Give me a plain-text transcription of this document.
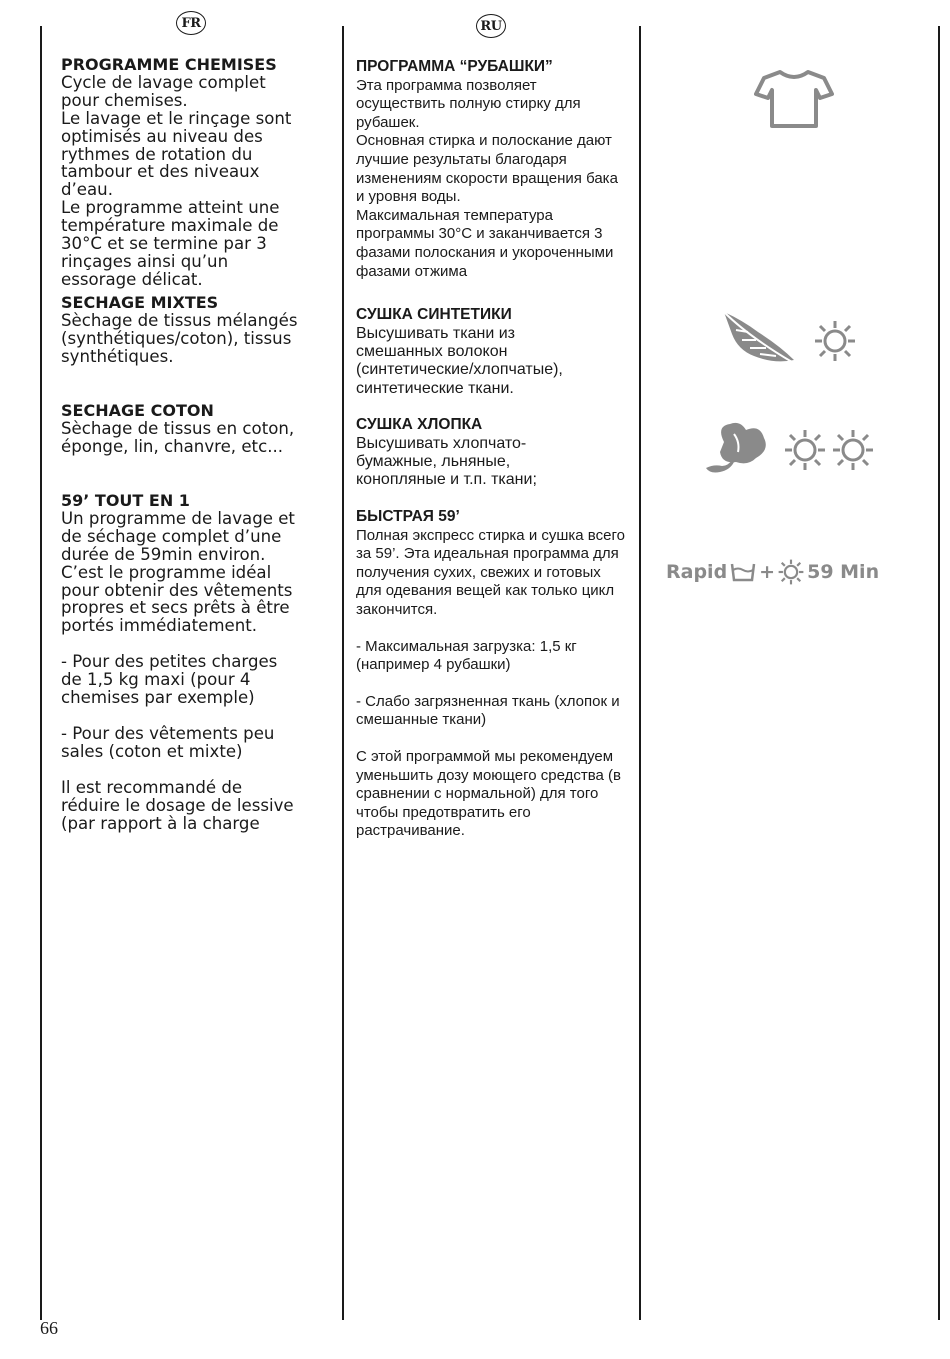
FR	RU
PROGRAMME CHEMISES
Cycle de lavage complet
pour chemises.
Le lavage et le rinçage sont
optimisés au niveau des
rythmes de rotation du
tambour et des niveaux
d’eau.
Le programme atteint une
température maximale de
30°C et se termine par 3
rinçages ainsi qu’un
essorage délicat.
SECHAGE MIXTES
Sèchage de tissus mélangés
(synthétiques/coton), tissus
synthétiques.
SECHAGE COTON
Sèchage de tissus en coton,
éponge, lin, chanvre, etc...
59’ TOUT EN 1
Un programme de lavage et
de séchage complet d’une
durée de 59min environ.
C’est le programme idéal
pour obtenir des vêtements
propres et secs prêts à être
portés immédiatement.
- Pour des petites charges
de 1,5 kg maxi (pour 4
chemises par exemple)
- Pour des vêtements peu
sales (coton et mixte)
Il est recommandé de
réduire le dosage de lessive
(par rapport à la charge
ПРОГРАММА “РУБАШКИ”
Эта программа позволяет
осуществить полную стирку для
рубашек.
Основная стирка и полоскание дают
лучшие результаты благодаря
изменениям скорости вращения бака
и уровня воды.
Максимальная температура
программы 30°C и заканчивается 3
фазами полоскания и укороченными
фазами отжима
СУШКА СИНТЕТИКИ
Высушивать ткани из
смешанных волокон
(синтетические/хлопчатые),
синтетические ткани.
СУШКА ХЛОПКА
Высушивать хлопчато-
бумажные, льняные,
конопляные и т.п. ткани;
БЫСТРАЯ 59’
Полная экспресс стирка и сушка всего
за 59’. Эта идеальная программа для
получения сухих, свежих и готовых
для одевания вещей как только цикл
закончится.
- Максимальная загрузка: 1,5 кг
(например 4 рубашки)
- Слабо загрязненная ткань (хлопок и
смешанные ткани)
С этой программой мы рекомендуем
уменьшить дозу моющего средства (в
сравнении с нормальной) для того
чтобы предотвратить его
растрачивание.
Rapid + 59 Min
66
